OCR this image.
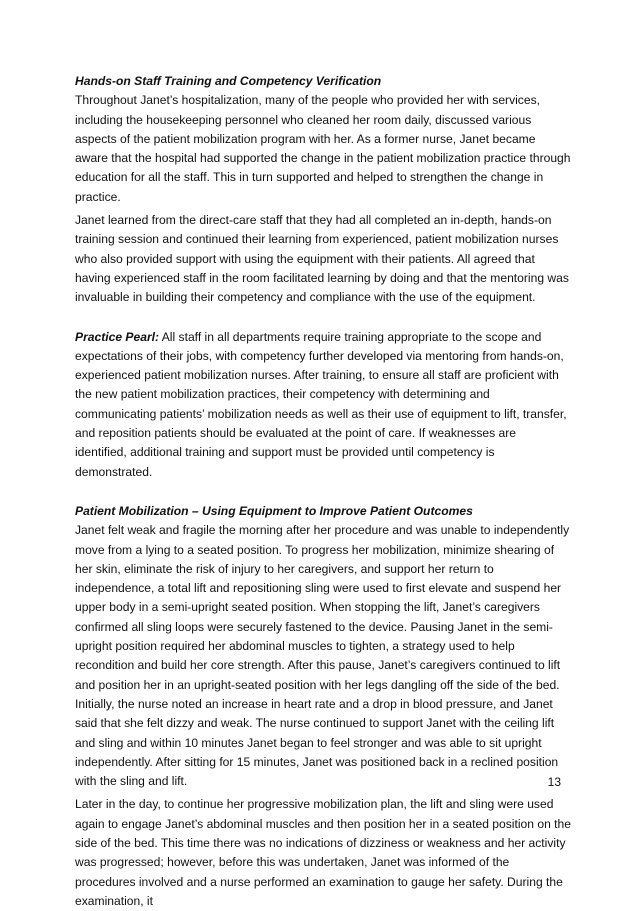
Hands-on Staff Training and Competency Verification

Throughout Janet’s hospitalization, many of the people who provided her with services, including the housekeeping personnel who cleaned her room daily, discussed various aspects of the patient mobilization program with her. As a former nurse, Janet became aware that the hospital had supported the change in the patient mobilization practice through education for all the staff. This in turn supported and helped to strengthen the change in practice.

Janet learned from the direct-care staff that they had all completed an in-depth, hands-on training session and continued their learning from experienced, patient mobilization nurses who also provided support with using the equipment with their patients. All agreed that having experienced staff in the room facilitated learning by doing and that the mentoring was invaluable in building their competency and compliance with the use of the equipment.

Practice Pearl: All staff in all departments require training appropriate to the scope and expectations of their jobs, with competency further developed via mentoring from hands-on, experienced patient mobilization nurses. After training, to ensure all staff are proficient with the new patient mobilization practices, their competency with determining and communicating patients’ mobilization needs as well as their use of equipment to lift, transfer, and reposition patients should be evaluated at the point of care. If weaknesses are identified, additional training and support must be provided until competency is demonstrated.

Patient Mobilization – Using Equipment to Improve Patient Outcomes

Janet felt weak and fragile the morning after her procedure and was unable to independently move from a lying to a seated position. To progress her mobilization, minimize shearing of her skin, eliminate the risk of injury to her caregivers, and support her return to independence, a total lift and repositioning sling were used to first elevate and suspend her upper body in a semi-upright seated position. When stopping the lift, Janet’s caregivers confirmed all sling loops were securely fastened to the device. Pausing Janet in the semi-upright position required her abdominal muscles to tighten, a strategy used to help recondition and build her core strength. After this pause, Janet’s caregivers continued to lift and position her in an upright-seated position with her legs dangling off the side of the bed. Initially, the nurse noted an increase in heart rate and a drop in blood pressure, and Janet said that she felt dizzy and weak. The nurse continued to support Janet with the ceiling lift and sling and within 10 minutes Janet began to feel stronger and was able to sit upright independently. After sitting for 15 minutes, Janet was positioned back in a reclined position with the sling and lift.

Later in the day, to continue her progressive mobilization plan, the lift and sling were used again to engage Janet’s abdominal muscles and then position her in a seated position on the side of the bed. This time there was no indications of dizziness or weakness and her activity was progressed; however, before this was undertaken, Janet was informed of the procedures involved and a nurse performed an examination to gauge her safety. During the examination, it

13
